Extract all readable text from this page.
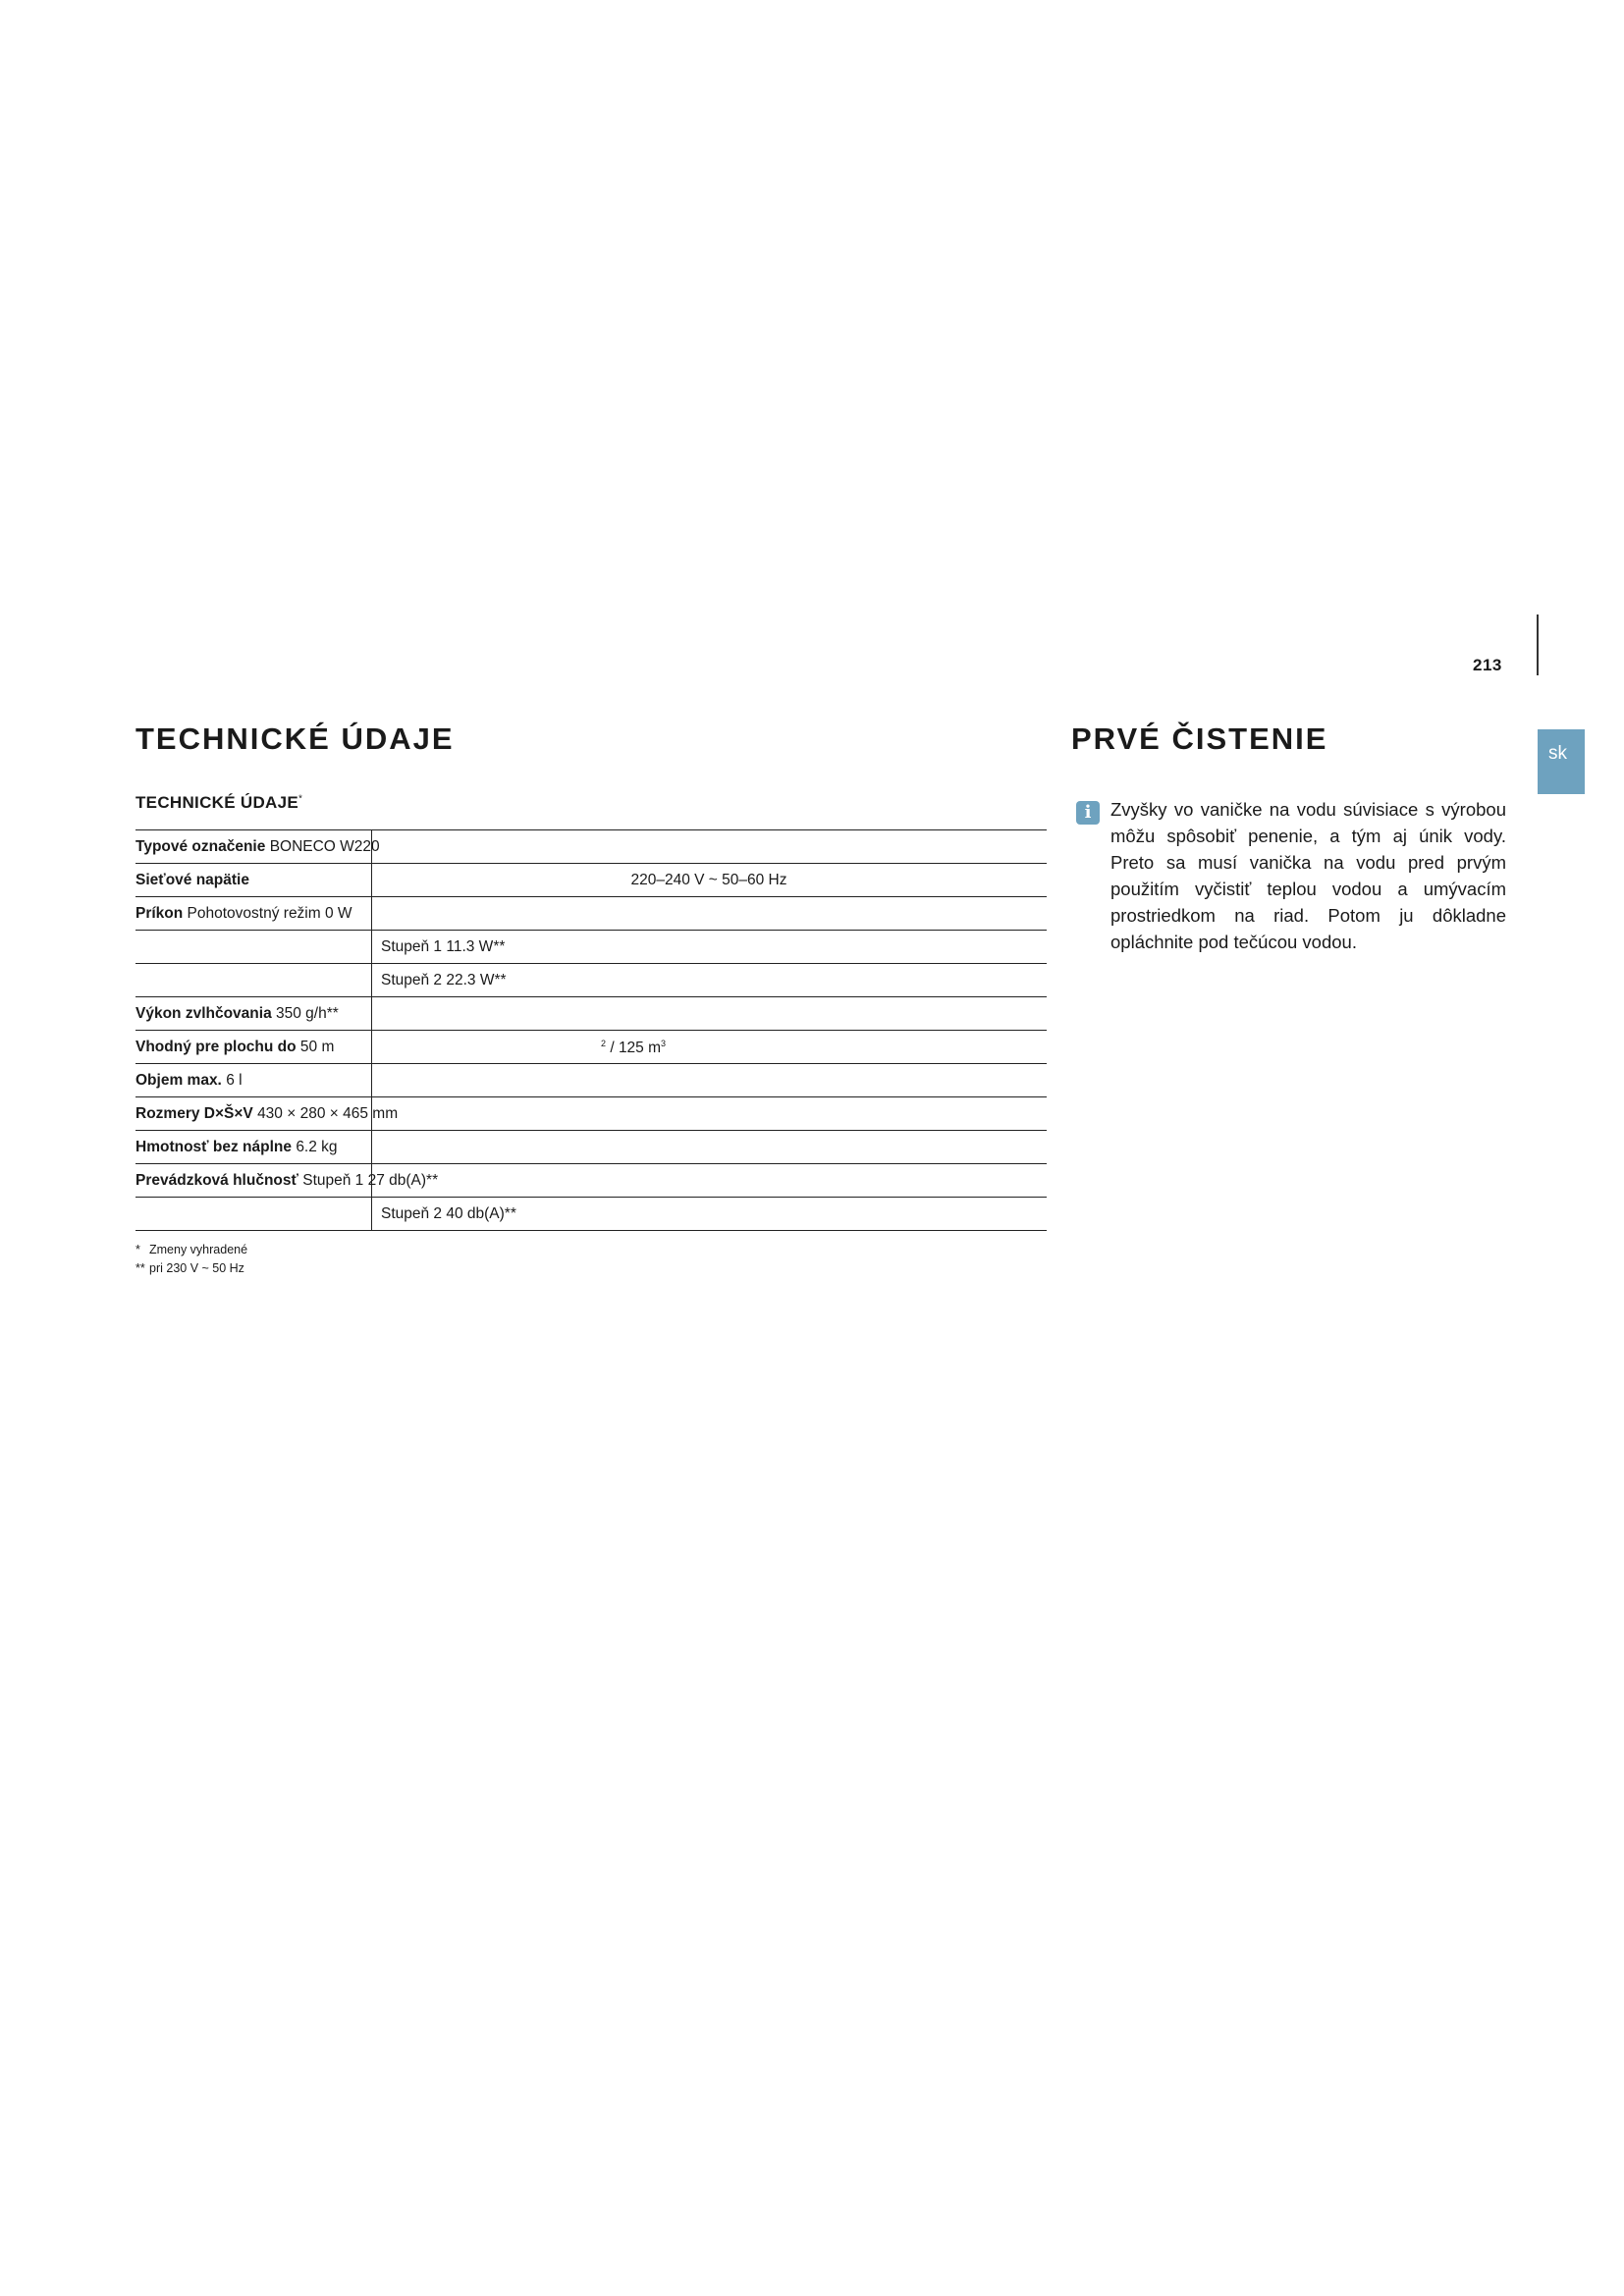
213
sk
TECHNICKÉ ÚDAJE
TECHNICKÉ ÚDAJE*
Typové označenie BONECO W220
Sieťové napätie	220–240 V ~ 50–60 Hz
Príkon Pohotovostný režim 0 W
Stupeň 1 11.3 W**
Stupeň 2 22.3 W**
Výkon zvlhčovania 350 g/h**
Vhodný pre plochu do 50 m	$^2$ / 125 $m^3$
Objem max. 6 l
Rozmery D×Š×V 430 × 280 × 465 mm
Hmotnosť bez náplne 6.2 kg
Prevádzková hlučnosť Stupeň 1 27 db(A)**
Stupeň 2 40 db(A)**
* Zmeny vyhradené
** pri 230 V ~ 50 Hz
PRVÉ ČISTENIE
i	Zvyšky vo vaničke na vodu súvisiace s výrobou môžu spôsobiť penenie, a tým aj únik vody. Preto sa musí vanička na vodu pred prvým použitím vyčistiť teplou vodou a umývacím prostriedkom na riad. Potom ju dôkladne opláchnite pod tečúcou vodou.
